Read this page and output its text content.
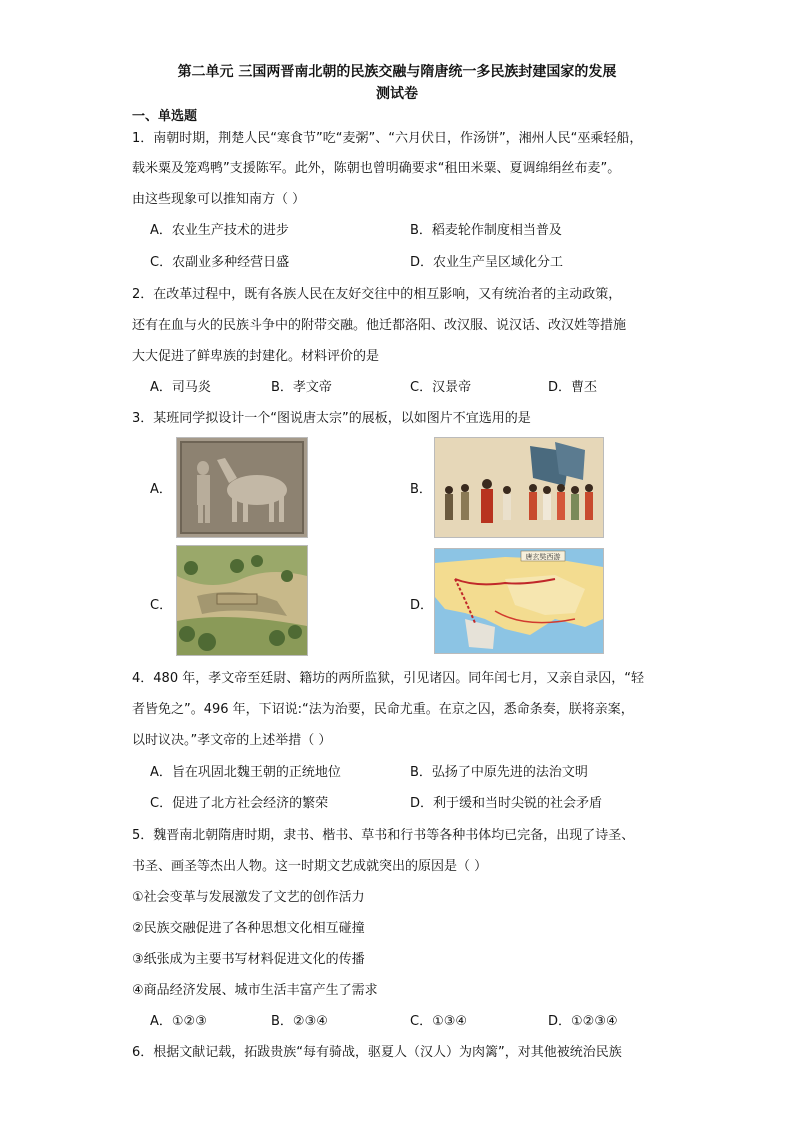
第二单元 三国两晋南北朝的民族交融与隋唐统一多民族封建国家的发展
测试卷
一、单选题
1．南朝时期，荆楚人民“寒食节”吃“麦粥”、“六月伏日，作汤饼”，湘州人民“巫乘轻船，
载米粟及笼鸡鸭”支援陈军。此外，陈朝也曾明确要求“租田米粟、夏调绵绢丝布麦”。
由这些现象可以推知南方（ ）
A．农业生产技术的进步	B．稻麦轮作制度相当普及
C．农副业多种经营日盛	D．农业生产呈区域化分工
2．在改革过程中，既有各族人民在友好交往中的相互影响，又有统治者的主动政策，
还有在血与火的民族斗争中的附带交融。他迁都洛阳、改汉服、说汉话、改汉姓等措施
大大促进了鲜卑族的封建化。材料评价的是
A．司马炎	B．孝文帝	C．汉景帝	D．曹丕
3．某班同学拟设计一个“图说唐太宗”的展板，以如图片不宜选用的是
A．	B．
C．	D．
唐玄奘西游
4．480 年，孝文帝至廷尉、籍坊的两所监狱，引见诸囚。同年闰七月，又亲自录囚，“轻
者皆免之”。496 年，下诏说:“法为治要，民命尤重。在京之囚，悉命条奏，朕将亲案，
以时议决。”孝文帝的上述举措（ ）
A．旨在巩固北魏王朝的正统地位	B．弘扬了中原先进的法治文明
C．促进了北方社会经济的繁荣	D．利于缓和当时尖锐的社会矛盾
5．魏晋南北朝隋唐时期，隶书、楷书、草书和行书等各种书体均已完备，出现了诗圣、
书圣、画圣等杰出人物。这一时期文艺成就突出的原因是（ ）
①社会变革与发展激发了文艺的创作活力
②民族交融促进了各种思想文化相互碰撞
③纸张成为主要书写材料促进文化的传播
④商品经济发展、城市生活丰富产生了需求
A．①②③	B．②③④	C．①③④	D．①②③④
6．根据文献记载，拓跋贵族“每有骑战，驱夏人（汉人）为肉篱”，对其他被统治民族
